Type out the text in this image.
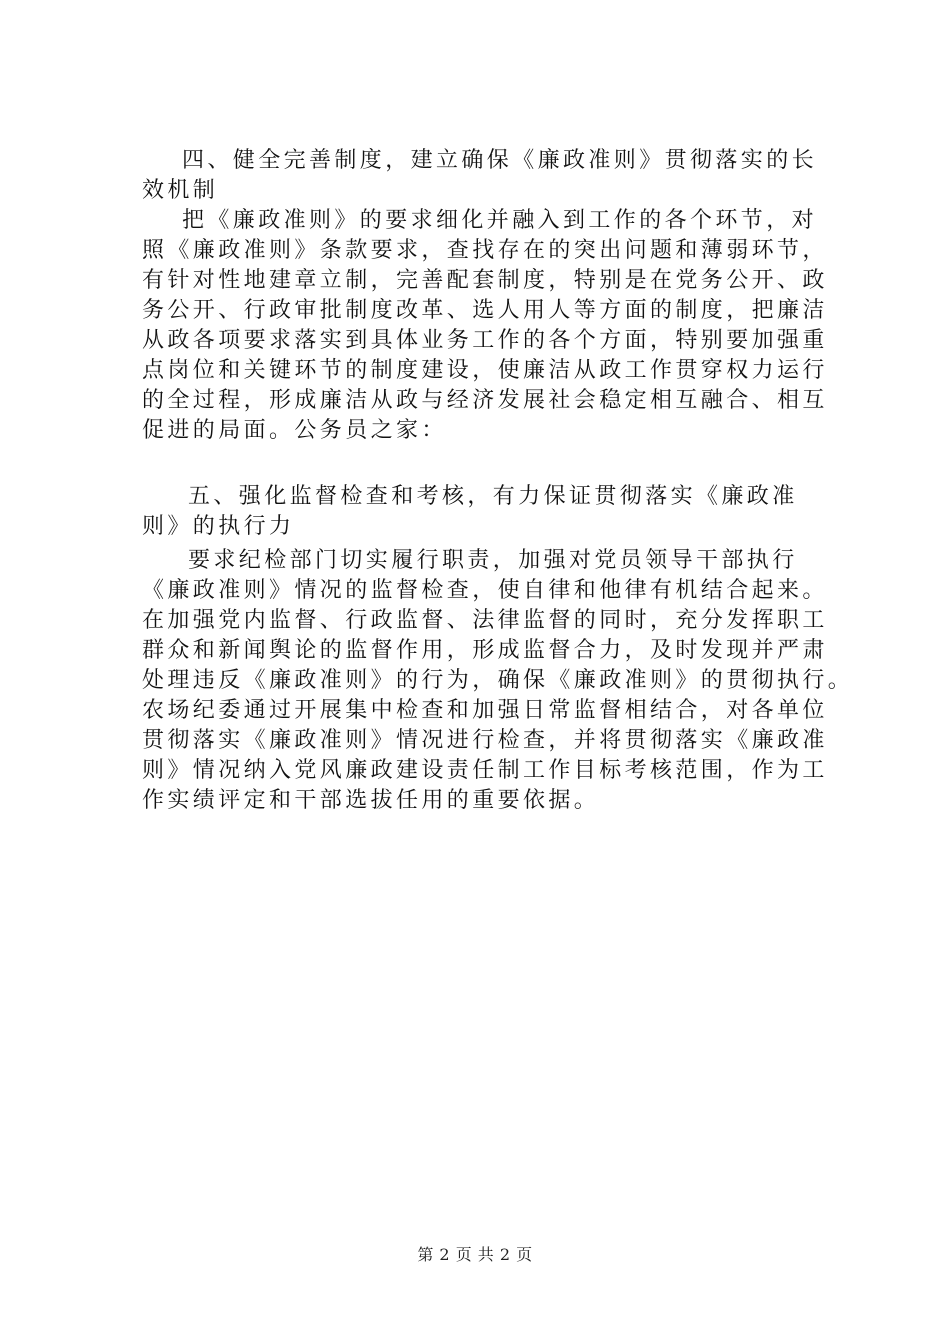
四、健全完善制度，建立确保《廉政准则》贯彻落实的长
效机制
把《廉政准则》的要求细化并融入到工作的各个环节，对
照《廉政准则》条款要求，查找存在的突出问题和薄弱环节，
有针对性地建章立制，完善配套制度，特别是在党务公开、政
务公开、行政审批制度改革、选人用人等方面的制度，把廉洁
从政各项要求落实到具体业务工作的各个方面，特别要加强重
点岗位和关键环节的制度建设，使廉洁从政工作贯穿权力运行
的全过程，形成廉洁从政与经济发展社会稳定相互融合、相互
促进的局面。公务员之家：
五、强化监督检查和考核，有力保证贯彻落实《廉政准
则》的执行力
要求纪检部门切实履行职责，加强对党员领导干部执行
《廉政准则》情况的监督检查，使自律和他律有机结合起来。
在加强党内监督、行政监督、法律监督的同时，充分发挥职工
群众和新闻舆论的监督作用，形成监督合力，及时发现并严肃
处理违反《廉政准则》的行为，确保《廉政准则》的贯彻执行。
农场纪委通过开展集中检查和加强日常监督相结合，对各单位
贯彻落实《廉政准则》情况进行检查，并将贯彻落实《廉政准
则》情况纳入党风廉政建设责任制工作目标考核范围，作为工
作实绩评定和干部选拔任用的重要依据。
第 2 页 共 2 页
